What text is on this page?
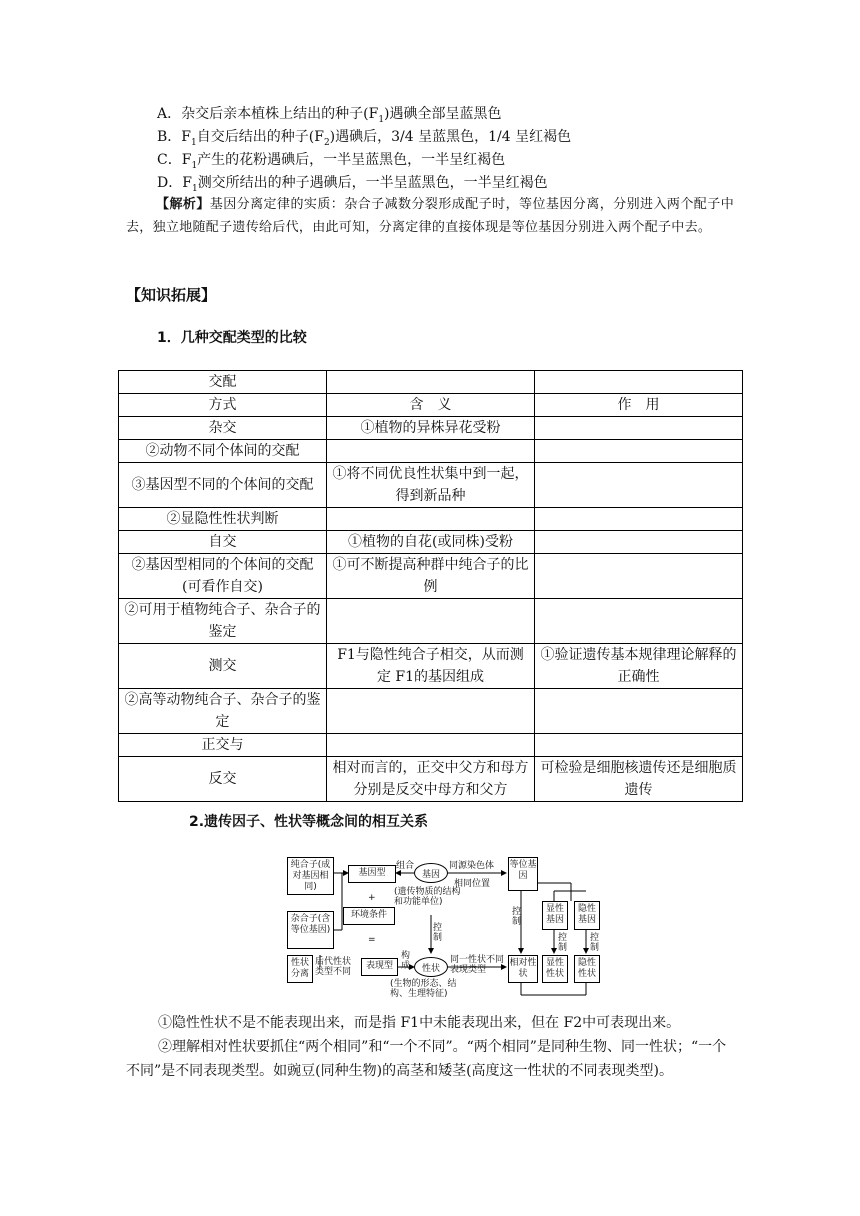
A．杂交后亲本植株上结出的种子$(F_1)$遇碘全部呈蓝黑色
B．$F_1$自交后结出的种子$(F_2)$遇碘后，3/4 呈蓝黑色，1/4 呈红褐色
C．$F_1$产生的花粉遇碘后，一半呈蓝黑色，一半呈红褐色
D．$F_1$测交所结出的种子遇碘后，一半呈蓝黑色，一半呈红褐色
【解析】基因分离定律的实质：杂合子减数分裂形成配子时，等位基因分离，分别进入两个配子中去，独立地随配子遗传给后代，由此可知，分离定律的直接体现是等位基因分别进入两个配子中去。
【知识拓展】
1．几种交配类型的比较
交配		
方式	含　义	作　用
杂交	①植物的异株异花受粉	
②动物不同个体间的交配		
③基因型不同的个体间的交配	①将不同优良性状集中到一起，得到新品种	
②显隐性性状判断		
自交	①植物的自花(或同株)受粉	
②基因型相同的个体间的交配(可看作自交)	①可不断提高种群中纯合子的比例	
②可用于植物纯合子、杂合子的鉴定		
测交	F1与隐性纯合子相交，从而测定 F1的基因组成	①验证遗传基本规律理论解释的正确性
②高等动物纯合子、杂合子的鉴定		
正交与		
反交	相对而言的，正交中父方和母方分别是反交中母方和父方	可检验是细胞核遗传还是细胞质遗传
2.遗传因子、性状等概念间的相互关系
纯合子(成对基因相同)
杂合子(含等位基因)
基因型
+
环境条件
=
组合
基因
同源染色体
相同位置
(遗传物质的结构和功能单位)
等位基因
显性基因
隐性基因
控制
控制
控制
控制
性状分离
后代性状类型不同
表现型
构成	性状
同一性状不同表现类型
(生物的形态、结构、生理特征)
相对性状
显性性状
隐性性状
①隐性性状不是不能表现出来，而是指 F1中未能表现出来，但在 F2中可表现出来。
②理解相对性状要抓住“两个相同”和“一个不同”。“两个相同”是同种生物、同一性状；“一个不同”是不同表现类型。如豌豆(同种生物)的高茎和矮茎(高度这一性状的不同表现类型)。
